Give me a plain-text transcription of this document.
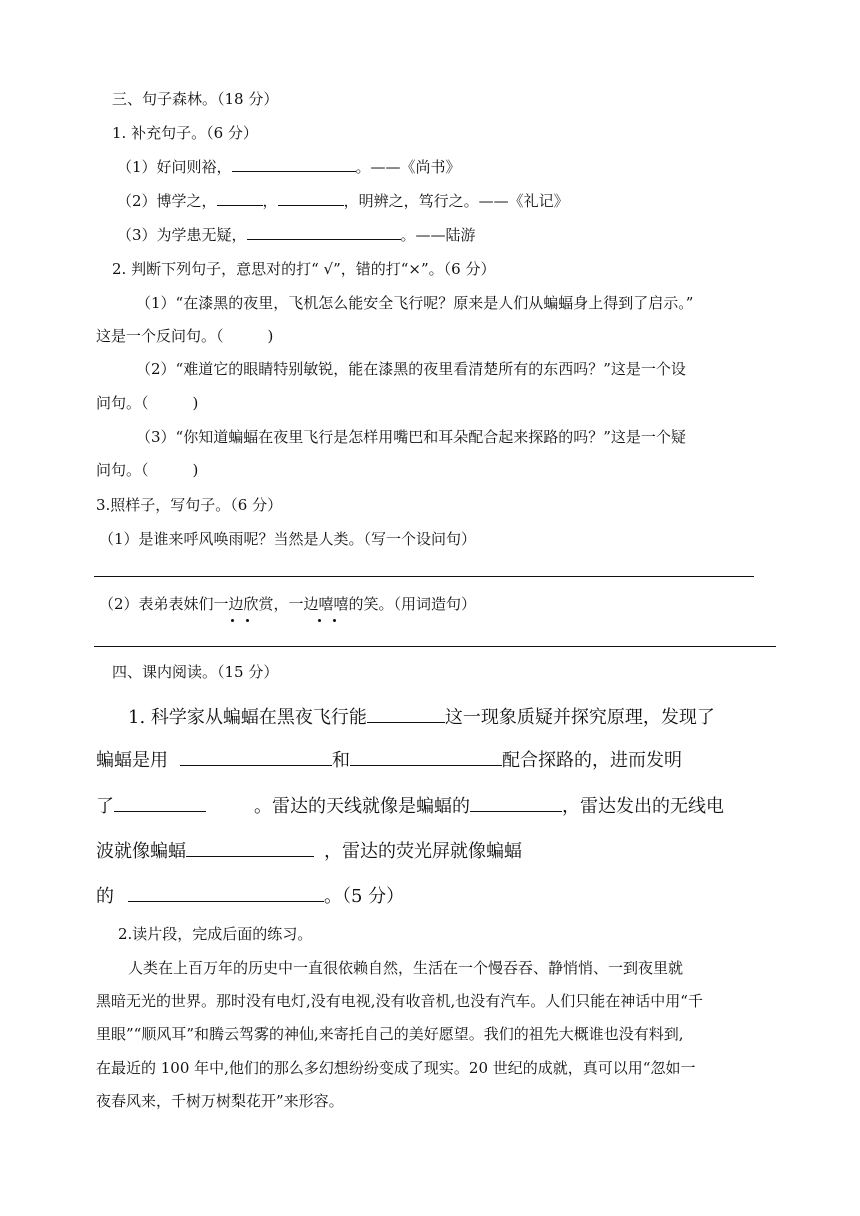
三、句子森林。（18 分）
1. 补充句子。（6 分）
（1）好问则裕，	。——《尚书》
（2）博学之，	，	，明辨之，笃行之。——《礼记》
（3）为学患无疑，	。——陆游
2. 判断下列句子，意思对的打“ √”，错的打“×”。（6 分）
（1）“在漆黑的夜里，飞机怎么能安全飞行呢？原来是人们从蝙蝠身上得到了启示。”
这是一个反问句。（	)
（2）“难道它的眼睛特别敏锐，能在漆黑的夜里看清楚所有的东西吗？”这是一个设
问句。（	)
（3）“你知道蝙蝠在夜里飞行是怎样用嘴巴和耳朵配合起来探路的吗？”这是一个疑
问句。（	)
3.照样子，写句子。（6 分）
（1）是谁来呼风唤雨呢？当然是人类。（写一个设问句）
（2）表弟表妹们一边欣赏，一边嘻嘻的笑。（用词造句）
四、课内阅读。（15 分）
1. 科学家从蝙蝠在黑夜飞行能	这一现象质疑并探究原理，发现了
蝙蝠是用	和	配合探路的，进而发明
了	。雷达的天线就像是蝙蝠的	，雷达发出的无线电
波就像蝙蝠	，雷达的荧光屏就像蝙蝠
的	。（5 分）
2.读片段，完成后面的练习。
人类在上百万年的历史中一直很依赖自然，生活在一个慢吞吞、静悄悄、一到夜里就
黑暗无光的世界。那时没有电灯,没有电视,没有收音机,也没有汽车。人们只能在神话中用“千
里眼”“顺风耳”和腾云驾雾的神仙,来寄托自己的美好愿望。我们的祖先大概谁也没有料到,
在最近的 100 年中,他们的那么多幻想纷纷变成了现实。20 世纪的成就，真可以用“忽如一
夜春风来，千树万树梨花开”来形容。
